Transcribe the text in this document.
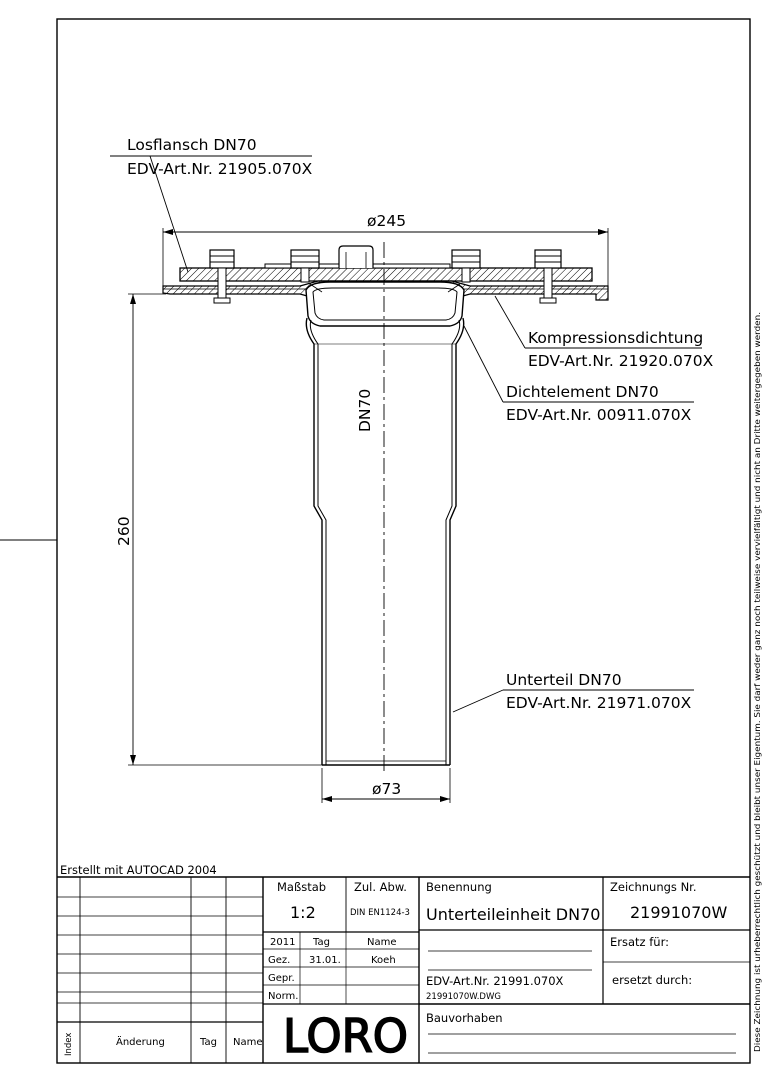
Losflansch DN70
EDV-Art.Nr. 21905.070X
Kompressionsdichtung
EDV-Art.Nr. 21920.070X
Dichtelement DN70
EDV-Art.Nr. 00911.070X
Unterteil DN70
EDV-Art.Nr. 21971.070X
ø245
ø73
260
DN70	Diese Zeichnung ist urheberrechtlich geschützt und bleibt unser Eigentum. Sie darf weder ganz noch teilweise vervielfältigt und nicht an Dritte weitergegeben werden.
Erstellt mit AUTOCAD 2004
Maßstab
1:2
Zul. Abw.
DIN EN1124-3
Benennung
Unterteileinheit DN70
Zeichnungs Nr.
21991070W
2011 Tag	Name
Gez. 31.01.	Koeh
Gepr.
Norm.
Ersatz für:
ersetzt durch:
EDV-Art.Nr. 21991.070X
21991070W.DWG
Bauvorhaben
LORO
Index	Änderung	Tag Name
